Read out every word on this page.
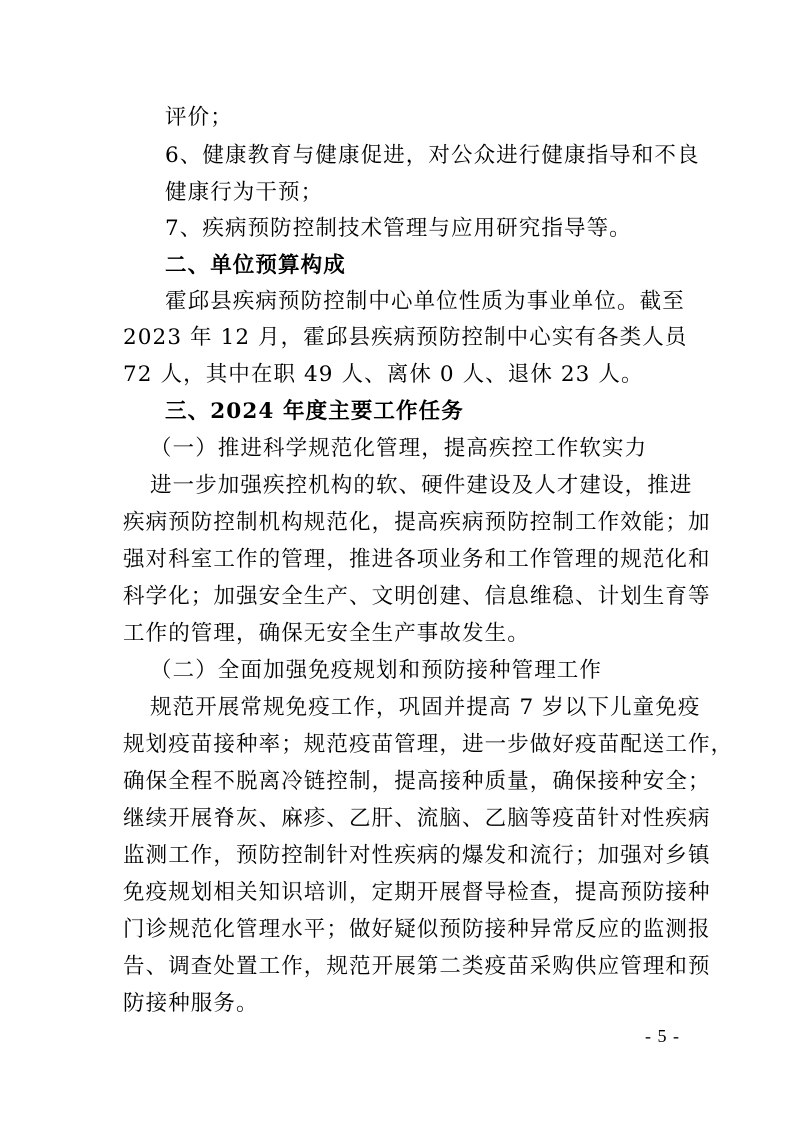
评价；
6、健康教育与健康促进，对公众进行健康指导和不良
健康行为干预；
7、疾病预防控制技术管理与应用研究指导等。
二、单位预算构成
霍邱县疾病预防控制中心单位性质为事业单位。截至
2023 年 12 月，霍邱县疾病预防控制中心实有各类人员
72 人，其中在职 49 人、离休 0 人、退休 23 人。
三、2024 年度主要工作任务
（一）推进科学规范化管理，提高疾控工作软实力
进一步加强疾控机构的软、硬件建设及人才建设，推进
疾病预防控制机构规范化，提高疾病预防控制工作效能；加
强对科室工作的管理，推进各项业务和工作管理的规范化和
科学化；加强安全生产、文明创建、信息维稳、计划生育等
工作的管理，确保无安全生产事故发生。
（二）全面加强免疫规划和预防接种管理工作
规范开展常规免疫工作，巩固并提高 7 岁以下儿童免疫
规划疫苗接种率；规范疫苗管理，进一步做好疫苗配送工作，
确保全程不脱离冷链控制，提高接种质量，确保接种安全；
继续开展脊灰、麻疹、乙肝、流脑、乙脑等疫苗针对性疾病
监测工作，预防控制针对性疾病的爆发和流行；加强对乡镇
免疫规划相关知识培训，定期开展督导检查，提高预防接种
门诊规范化管理水平；做好疑似预防接种异常反应的监测报
告、调查处置工作，规范开展第二类疫苗采购供应管理和预
防接种服务。
- 5 -
